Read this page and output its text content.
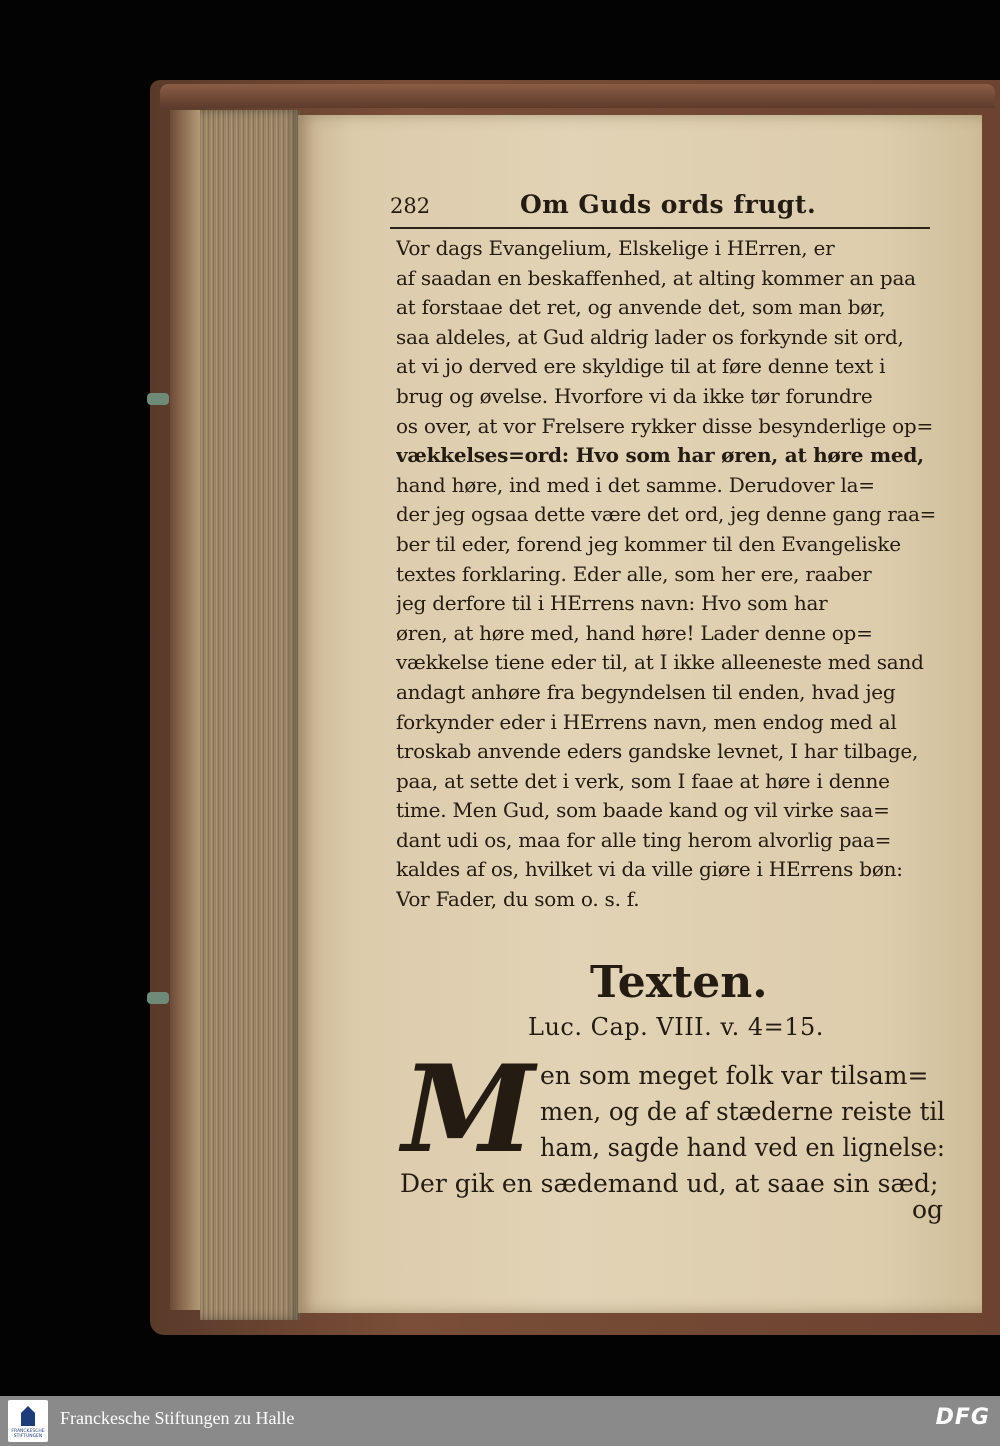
282	Om Guds ords frugt.
Vor dags Evangelium, Elskelige i HErren, er
af saadan en beskaffenhed, at alting kommer an paa
at forstaae det ret, og anvende det, som man bør,
saa aldeles, at Gud aldrig lader os forkynde sit ord,
at vi jo derved ere skyldige til at føre denne text i
brug og øvelse. Hvorfore vi da ikke tør forundre
os over, at vor Frelsere rykker disse besynderlige op=
vækkelses=ord: Hvo som har øren, at høre med,
hand høre, ind med i det samme. Derudover la=
der jeg ogsaa dette være det ord, jeg denne gang raa=
ber til eder, forend jeg kommer til den Evangeliske
textes forklaring. Eder alle, som her ere, raaber
jeg derfore til i HErrens navn: Hvo som har
øren, at høre med, hand høre! Lader denne op=
vækkelse tiene eder til, at I ikke alleeneste med sand
andagt anhøre fra begyndelsen til enden, hvad jeg
forkynder eder i HErrens navn, men endog med al
troskab anvende eders gandske levnet, I har tilbage,
paa, at sette det i verk, som I faae at høre i denne
time. Men Gud, som baade kand og vil virke saa=
dant udi os, maa for alle ting herom alvorlig paa=
kaldes af os, hvilket vi da ville giøre i HErrens bøn:
Vor Fader, du som o. s. f.
Texten.
Luc. Cap. VIII. v. 4=15.
M en som meget folk var tilsam=
men, og de af stæderne reiste til
ham, sagde hand ved en lignelse:
Der gik en sædemand ud, at saae sin sæd;
og
FRANCKESCHE STIFTUNGEN
Franckesche Stiftungen zu Halle	DFG
